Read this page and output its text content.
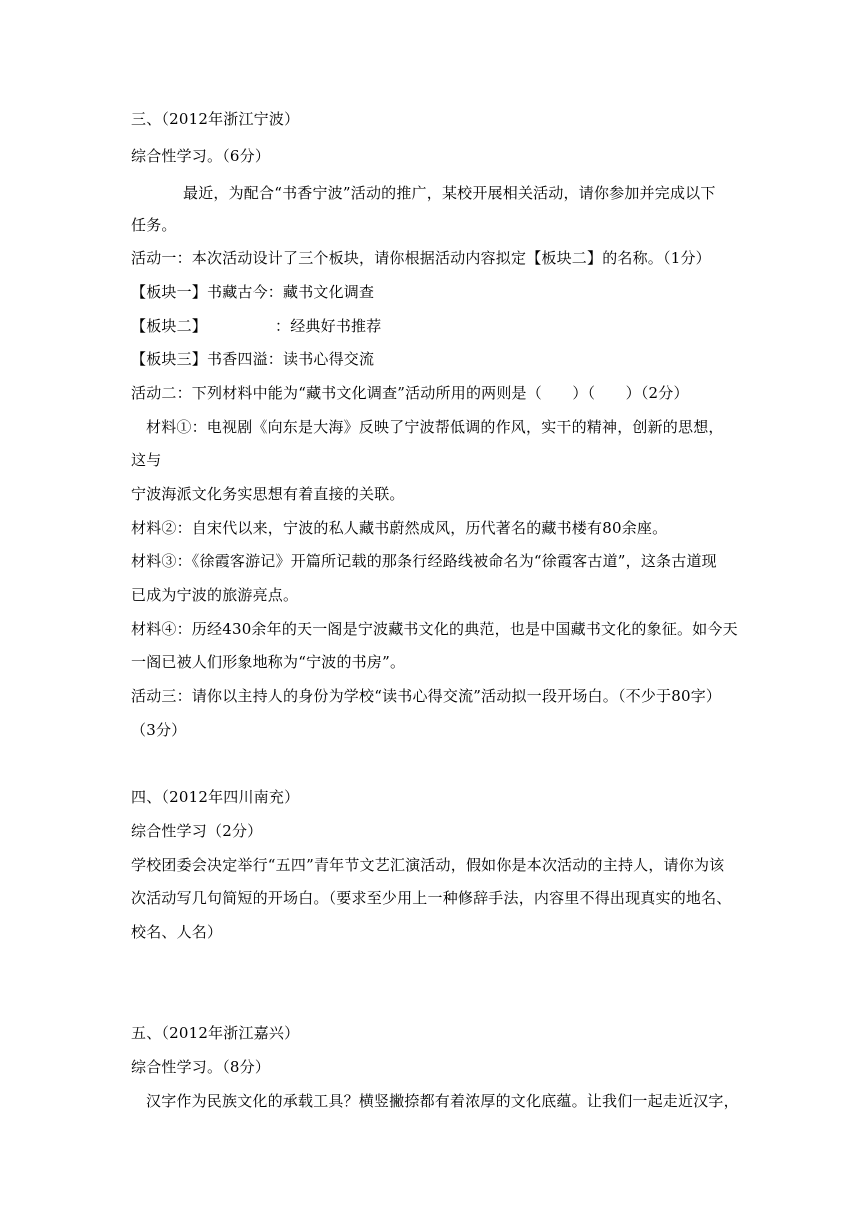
三、（2012年浙江宁波）
综合性学习。（6分）
最近，为配合“书香宁波”活动的推广，某校开展相关活动，请你参加并完成以下
任务。
活动一：本次活动设计了三个板块，请你根据活动内容拟定【板块二】的名称。（1分）
【板块一】书藏古今：藏书文化调查
【板块二】	：经典好书推荐
【板块三】书香四溢：读书心得交流
活动二：下列材料中能为“藏书文化调查”活动所用的两则是（　　）（　　）（2分）
材料①：电视剧《向东是大海》反映了宁波帮低调的作风，实干的精神，创新的思想，
这与
宁波海派文化务实思想有着直接的关联。
材料②：自宋代以来，宁波的私人藏书蔚然成风，历代著名的藏书楼有80余座。
材料③：《徐霞客游记》开篇所记载的那条行经路线被命名为“徐霞客古道”，这条古道现
已成为宁波的旅游亮点。
材料④：历经430余年的天一阁是宁波藏书文化的典范，也是中国藏书文化的象征。如今天
一阁已被人们形象地称为“宁波的书房”。
活动三：请你以主持人的身份为学校“读书心得交流”活动拟一段开场白。（不少于80字）
（3分）
四、（2012年四川南充）
综合性学习（2分）
学校团委会决定举行“五四”青年节文艺汇演活动，假如你是本次活动的主持人，请你为该
次活动写几句简短的开场白。（要求至少用上一种修辞手法，内容里不得出现真实的地名、
校名、人名）
五、（2012年浙江嘉兴）
综合性学习。（8分）
汉字作为民族文化的承载工具？横竖撇捺都有着浓厚的文化底蕴。让我们一起走近汉字，
